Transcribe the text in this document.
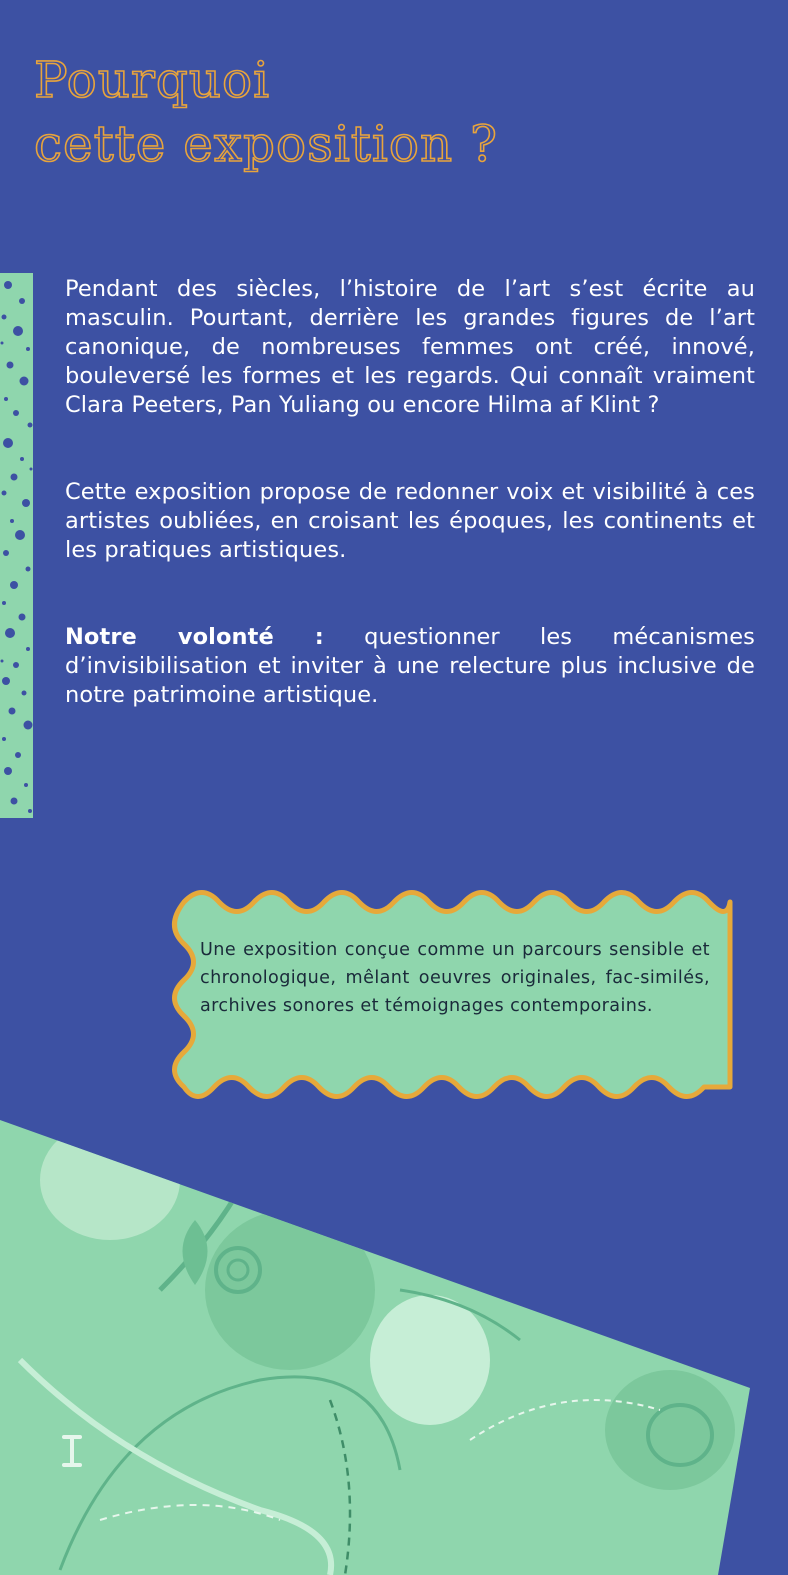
Pourquoi
cette exposition ?

Pendant des siècles, l’histoire de l’art s’est écrite au masculin. Pourtant, derrière les grandes figures de l’art canonique, de nombreuses femmes ont créé, innové, bouleversé les formes et les regards. Qui connaît vraiment Clara Peeters, Pan Yuliang ou encore Hilma af Klint ?

Cette exposition propose de redonner voix et visibilité à ces artistes oubliées, en croisant les époques, les continents et les pratiques artistiques.

Notre volonté : questionner les mécanismes d’invisibilisation et inviter à une relecture plus inclusive de notre patrimoine artistique.

Une exposition conçue comme un parcours sensible et chronologique, mêlant oeuvres originales, fac-similés, archives sonores et témoignages contemporains.
